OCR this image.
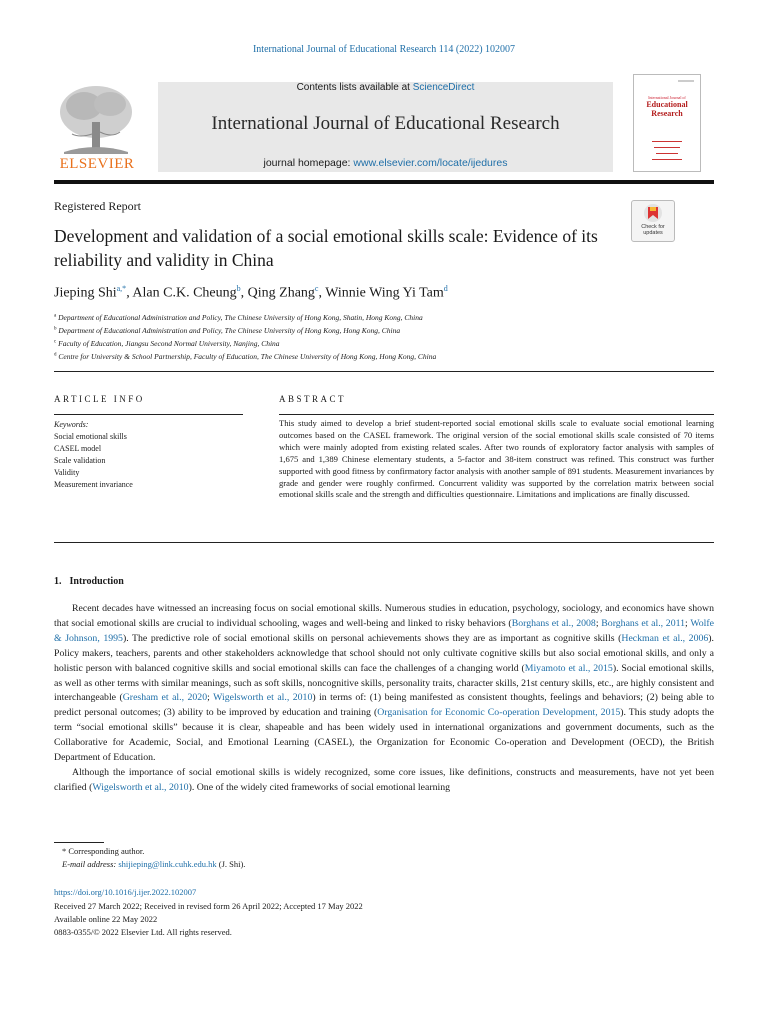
International Journal of Educational Research 114 (2022) 102007
ELSEVIER
Contents lists available at ScienceDirect
International Journal of Educational Research
journal homepage: www.elsevier.com/locate/ijedures
International Journal of
Educational Research
Registered Report
Development and validation of a social emotional skills scale: Evidence of its reliability and validity in China
Check for updates
Jieping Shi$^{a,*}$, Alan C.K. Cheung$^b$, Qing Zhang$^c$, Winnie Wing Yi Tam$^d$
$^a$ Department of Educational Administration and Policy, The Chinese University of Hong Kong, Shatin, Hong Kong, China
$^b$ Department of Educational Administration and Policy, The Chinese University of Hong Kong, Hong Kong, China
$^c$ Faculty of Education, Jiangsu Second Normal University, Nanjing, China
$^d$ Centre for University & School Partnership, Faculty of Education, The Chinese University of Hong Kong, Hong Kong, China
ARTICLE INFO	ABSTRACT
Keywords:
Social emotional skills
CASEL model
Scale validation
Validity
Measurement invariance
This study aimed to develop a brief student-reported social emotional skills scale to evaluate social emotional learning outcomes based on the CASEL framework. The original version of the social emotional skills scale consisted of 70 items which were mainly adopted from existing related scales. After two rounds of exploratory factor analysis with samples of 1,675 and 1,389 Chinese elementary students, a 5-factor and 38-item construct was refined. This construct was further supported with good fitness by confirmatory factor analysis with another sample of 891 students. Measurement invariances by grade and gender were roughly confirmed. Concurrent validity was supported by the correlation matrix between social emotional skills scale and the strength and difficulties questionnaire. Limitations and implications are finally discussed.
1. Introduction

Recent decades have witnessed an increasing focus on social emotional skills. Numerous studies in education, psychology, sociology, and economics have shown that social emotional skills are crucial to individual schooling, wages and well-being and linked to risky behaviors (Borghans et al., 2008; Borghans et al., 2011; Wolfe & Johnson, 1995). The predictive role of social emotional skills on personal achievements shows they are as important as cognitive skills (Heckman et al., 2006). Policy makers, teachers, parents and other stakeholders acknowledge that school should not only cultivate cognitive skills but also social emotional skills, and only a holistic person with balanced cognitive skills and social emotional skills can face the challenges of a changing world (Miyamoto et al., 2015). Social emotional skills, as well as other terms with similar meanings, such as soft skills, noncognitive skills, personality traits, character skills, 21st century skills, etc., are highly consistent and interchangeable (Gresham et al., 2020; Wigelsworth et al., 2010) in terms of: (1) being manifested as consistent thoughts, feelings and behaviors; (2) being able to predict personal outcomes; (3) ability to be improved by education and training (Organisation for Economic Co-operation Development, 2015). This study adopts the term “social emotional skills” because it is clear, shapeable and has been widely used in international organizations and government documents, such as the Collaborative for Academic, Social, and Emotional Learning (CASEL), the Organization for Economic Co-operation and Development (OECD), the British Department of Education.

Although the importance of social emotional skills is widely recognized, some core issues, like definitions, constructs and measurements, have not yet been clarified (Wigelsworth et al., 2010). One of the widely cited frameworks of social emotional learning

* Corresponding author.
E-mail address: shijieping@link.cuhk.edu.hk (J. Shi).
https://doi.org/10.1016/j.ijer.2022.102007
Received 27 March 2022; Received in revised form 26 April 2022; Accepted 17 May 2022
Available online 22 May 2022
0883-0355/© 2022 Elsevier Ltd. All rights reserved.
